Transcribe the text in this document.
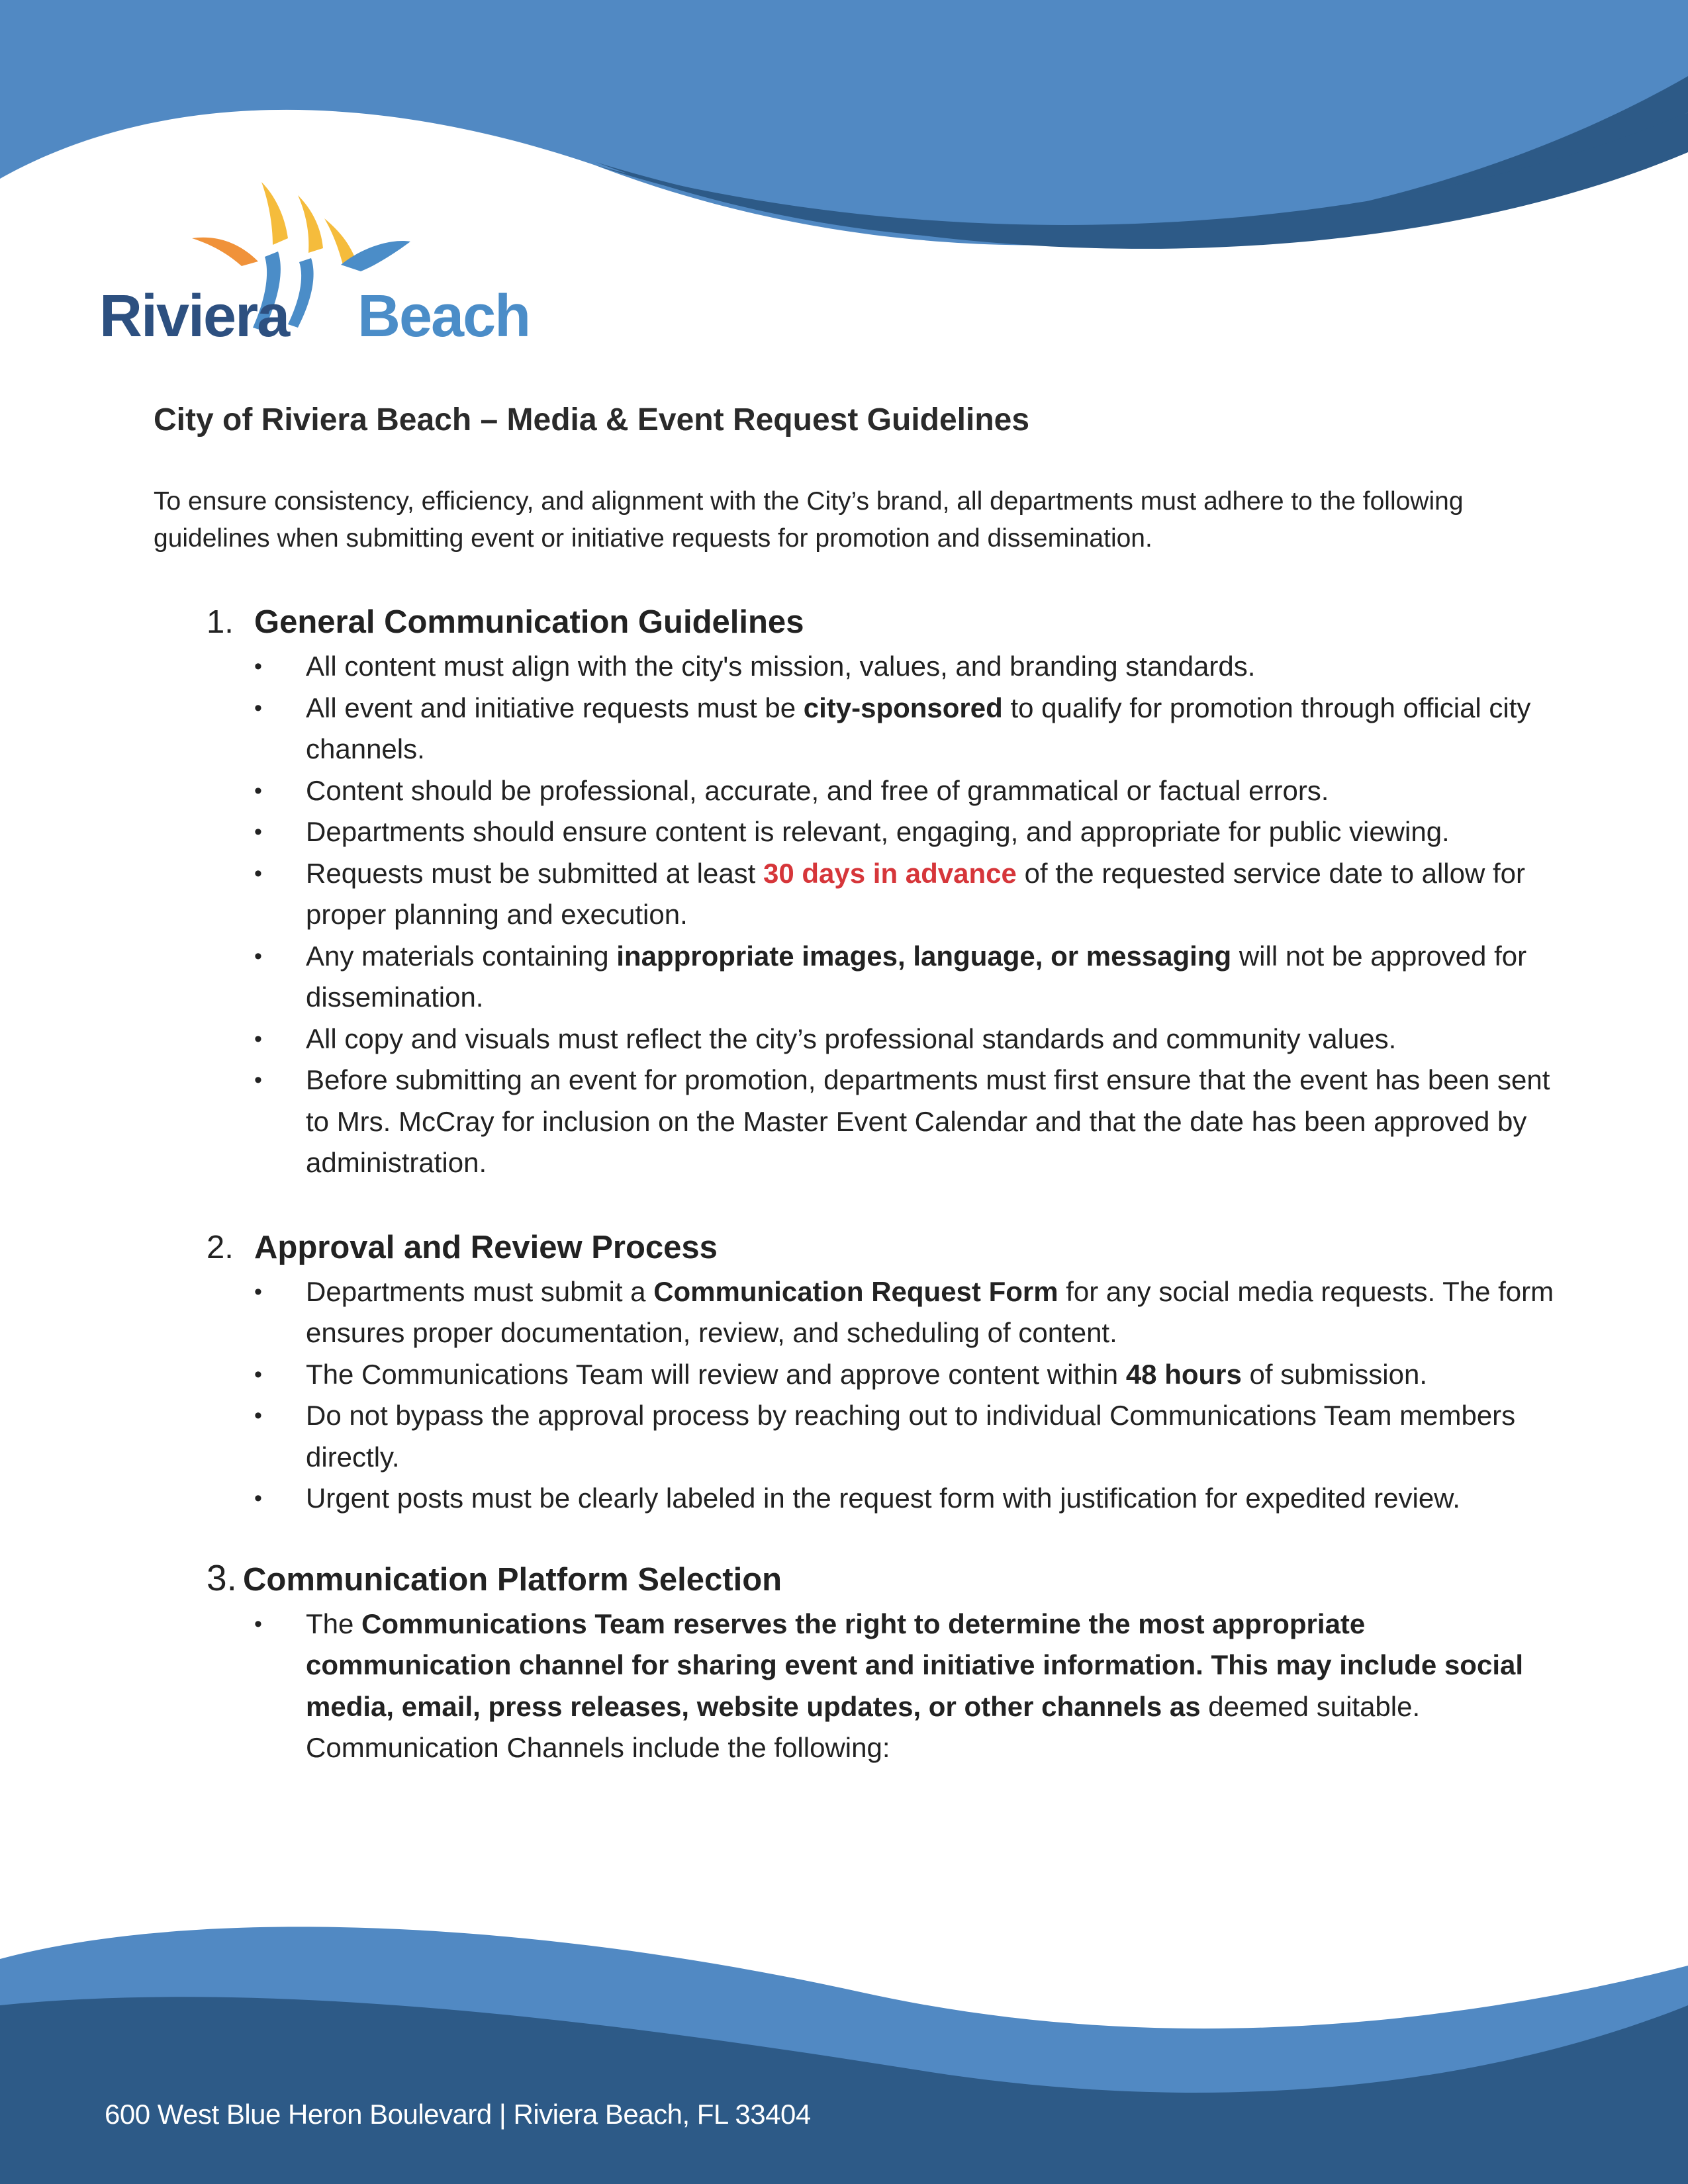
Riviera Beach
City of Riviera Beach – Media & Event Request Guidelines

To ensure consistency, efficiency, and alignment with the City’s brand, all departments must adhere to the following guidelines when submitting event or initiative requests for promotion and dissemination.

1. General Communication Guidelines
• All content must align with the city's mission, values, and branding standards.
• All event and initiative requests must be city-sponsored to qualify for promotion through official city channels.
• Content should be professional, accurate, and free of grammatical or factual errors.
• Departments should ensure content is relevant, engaging, and appropriate for public viewing.
• Requests must be submitted at least 30 days in advance of the requested service date to allow for proper planning and execution.
• Any materials containing inappropriate images, language, or messaging will not be approved for dissemination.
• All copy and visuals must reflect the city’s professional standards and community values.
• Before submitting an event for promotion, departments must first ensure that the event has been sent to Mrs. McCray for inclusion on the Master Event Calendar and that the date has been approved by administration.
2. Approval and Review Process
• Departments must submit a Communication Request Form for any social media requests. The form ensures proper documentation, review, and scheduling of content.
• The Communications Team will review and approve content within 48 hours of submission.
• Do not bypass the approval process by reaching out to individual Communications Team members directly.
• Urgent posts must be clearly labeled in the request form with justification for expedited review.
3. Communication Platform Selection
• The Communications Team reserves the right to determine the most appropriate communication channel for sharing event and initiative information. This may include social media, email, press releases, website updates, or other channels as deemed suitable. Communication Channels include the following:
600 West Blue Heron Boulevard | Riviera Beach, FL 33404
